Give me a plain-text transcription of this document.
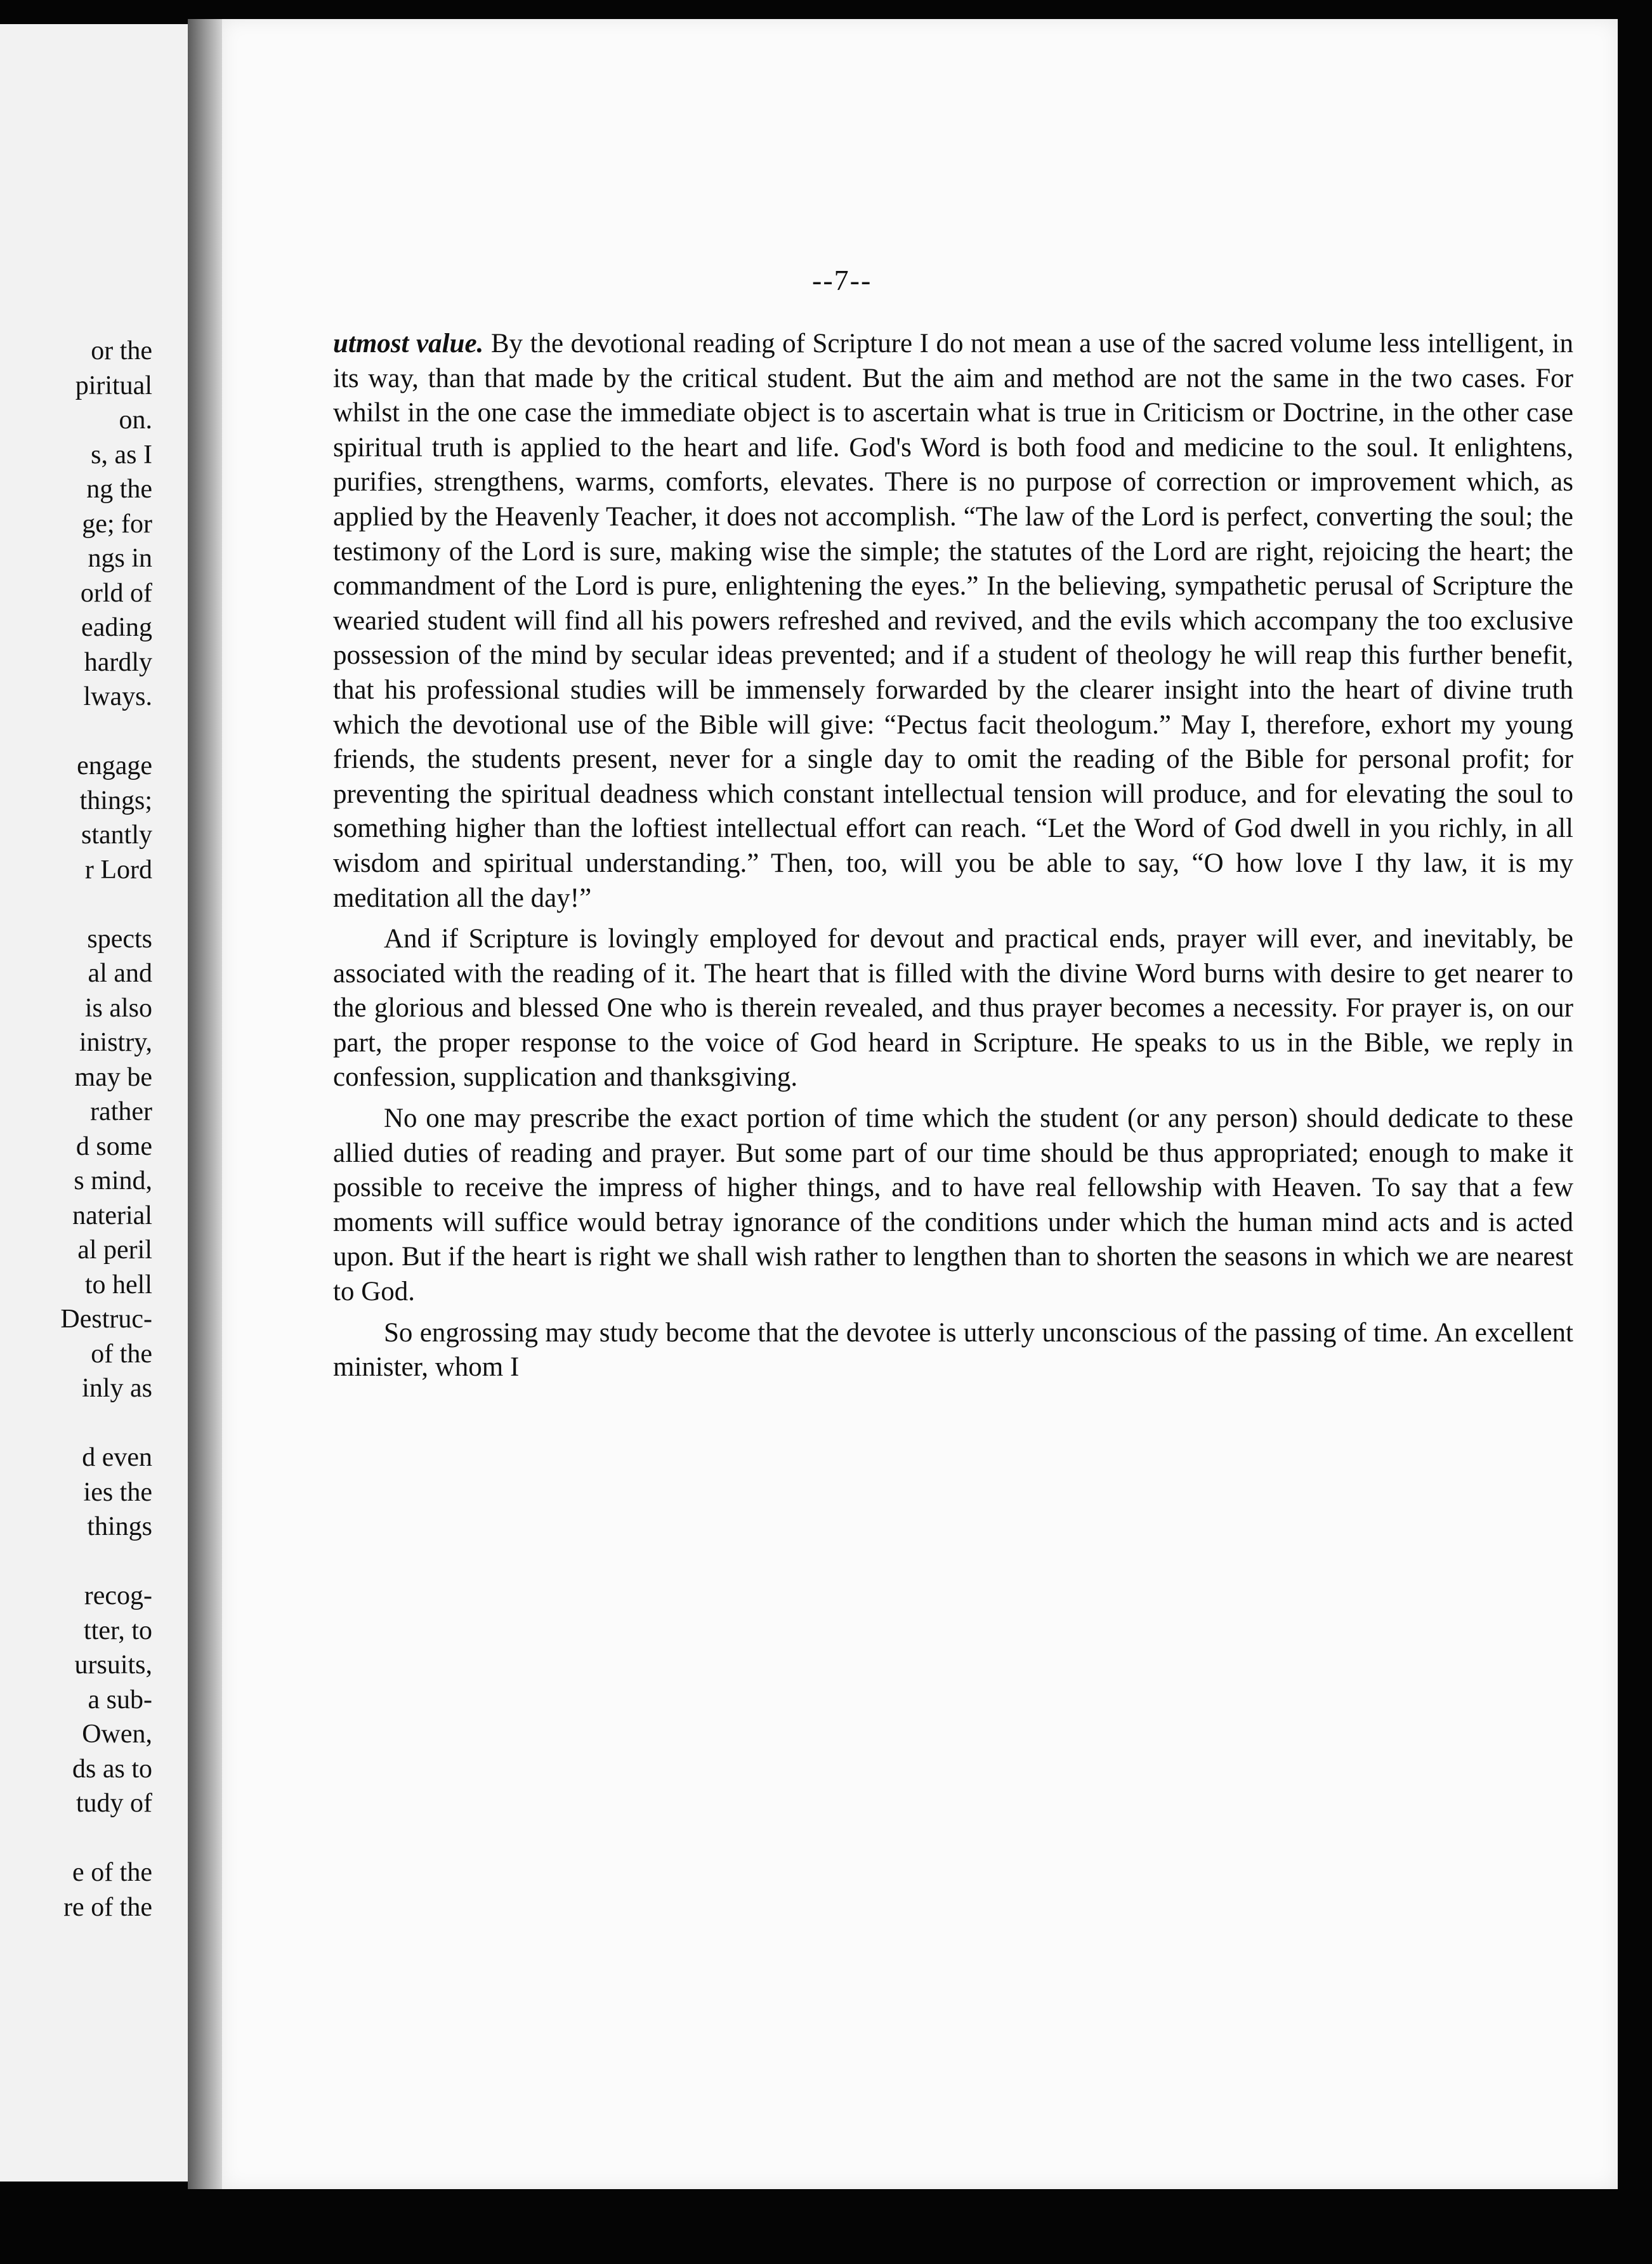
or the
piritual
on.
s, as I
ng the
ge; for
ngs in
orld of
eading
hardly
lways.
engage
things;
stantly
r Lord
spects
al and
is also
inistry,
may be
rather
d some
s mind,
naterial
al peril
to hell
Destruc-
of the
inly as
d even
ies the
things
recog-
tter, to
ursuits,
a sub-
Owen,
ds as to
tudy of
e of the
re of the
--7--

utmost value. By the devotional reading of Scripture I do not mean a use of the sacred volume less intelligent, in its way, than that made by the critical student. But the aim and method are not the same in the two cases. For whilst in the one case the immediate object is to ascertain what is true in Criticism or Doctrine, in the other case spiritual truth is applied to the heart and life. God's Word is both food and medicine to the soul. It enlightens, purifies, strengthens, warms, comforts, elevates. There is no purpose of correction or improvement which, as applied by the Heavenly Teacher, it does not accomplish. “The law of the Lord is perfect, converting the soul; the testimony of the Lord is sure, making wise the simple; the statutes of the Lord are right, rejoicing the heart; the commandment of the Lord is pure, enlightening the eyes.” In the believing, sympathetic perusal of Scripture the wearied student will find all his powers refreshed and revived, and the evils which accompany the too exclusive possession of the mind by secular ideas prevented; and if a student of theology he will reap this further benefit, that his professional studies will be immensely forwarded by the clearer insight into the heart of divine truth which the devotional use of the Bible will give: “Pectus facit theologum.” May I, therefore, exhort my young friends, the students present, never for a single day to omit the reading of the Bible for personal profit; for preventing the spiritual deadness which constant intellectual tension will produce, and for elevating the soul to something higher than the loftiest intellectual effort can reach. “Let the Word of God dwell in you richly, in all wisdom and spiritual understanding.” Then, too, will you be able to say, “O how love I thy law, it is my meditation all the day!”

And if Scripture is lovingly employed for devout and practical ends, prayer will ever, and inevitably, be associated with the reading of it. The heart that is filled with the divine Word burns with desire to get nearer to the glorious and blessed One who is therein revealed, and thus prayer becomes a necessity. For prayer is, on our part, the proper response to the voice of God heard in Scripture. He speaks to us in the Bible, we reply in confession, supplication and thanksgiving.

No one may prescribe the exact portion of time which the student (or any person) should dedicate to these allied duties of reading and prayer. But some part of our time should be thus appropriated; enough to make it possible to receive the impress of higher things, and to have real fellowship with Heaven. To say that a few moments will suffice would betray ignorance of the conditions under which the human mind acts and is acted upon. But if the heart is right we shall wish rather to lengthen than to shorten the seasons in which we are nearest to God.

So engrossing may study become that the devotee is utterly unconscious of the passing of time. An excellent minister, whom I
